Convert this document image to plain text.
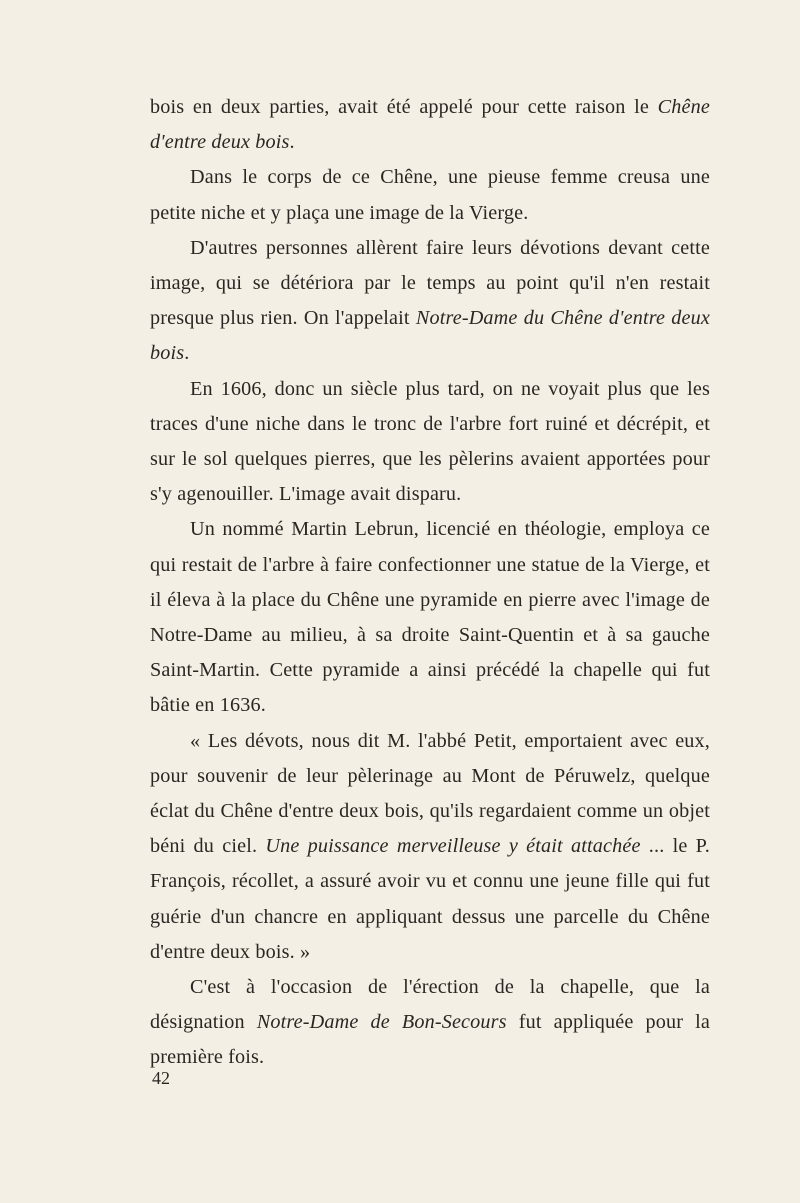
bois en deux parties, avait été appelé pour cette raison le Chêne d'entre deux bois.

Dans le corps de ce Chêne, une pieuse femme creusa une petite niche et y plaça une image de la Vierge.

D'autres personnes allèrent faire leurs dévotions devant cette image, qui se détériora par le temps au point qu'il n'en restait presque plus rien. On l'appelait Notre-Dame du Chêne d'entre deux bois.

En 1606, donc un siècle plus tard, on ne voyait plus que les traces d'une niche dans le tronc de l'arbre fort ruiné et décrépit, et sur le sol quelques pierres, que les pèlerins avaient apportées pour s'y agenouiller. L'image avait disparu.

Un nommé Martin Lebrun, licencié en théologie, employa ce qui restait de l'arbre à faire confectionner une statue de la Vierge, et il éleva à la place du Chêne une pyramide en pierre avec l'image de Notre-Dame au milieu, à sa droite Saint-Quentin et à sa gauche Saint-Martin. Cette pyramide a ainsi précédé la chapelle qui fut bâtie en 1636.

« Les dévots, nous dit M. l'abbé Petit, emportaient avec eux, pour souvenir de leur pèlerinage au Mont de Péruwelz, quelque éclat du Chêne d'entre deux bois, qu'ils regardaient comme un objet béni du ciel. Une puissance merveilleuse y était attachée ... le P. François, récollet, a assuré avoir vu et connu une jeune fille qui fut guérie d'un chancre en appliquant dessus une parcelle du Chêne d'entre deux bois. »

C'est à l'occasion de l'érection de la chapelle, que la désignation Notre-Dame de Bon-Secours fut appliquée pour la première fois.

42
